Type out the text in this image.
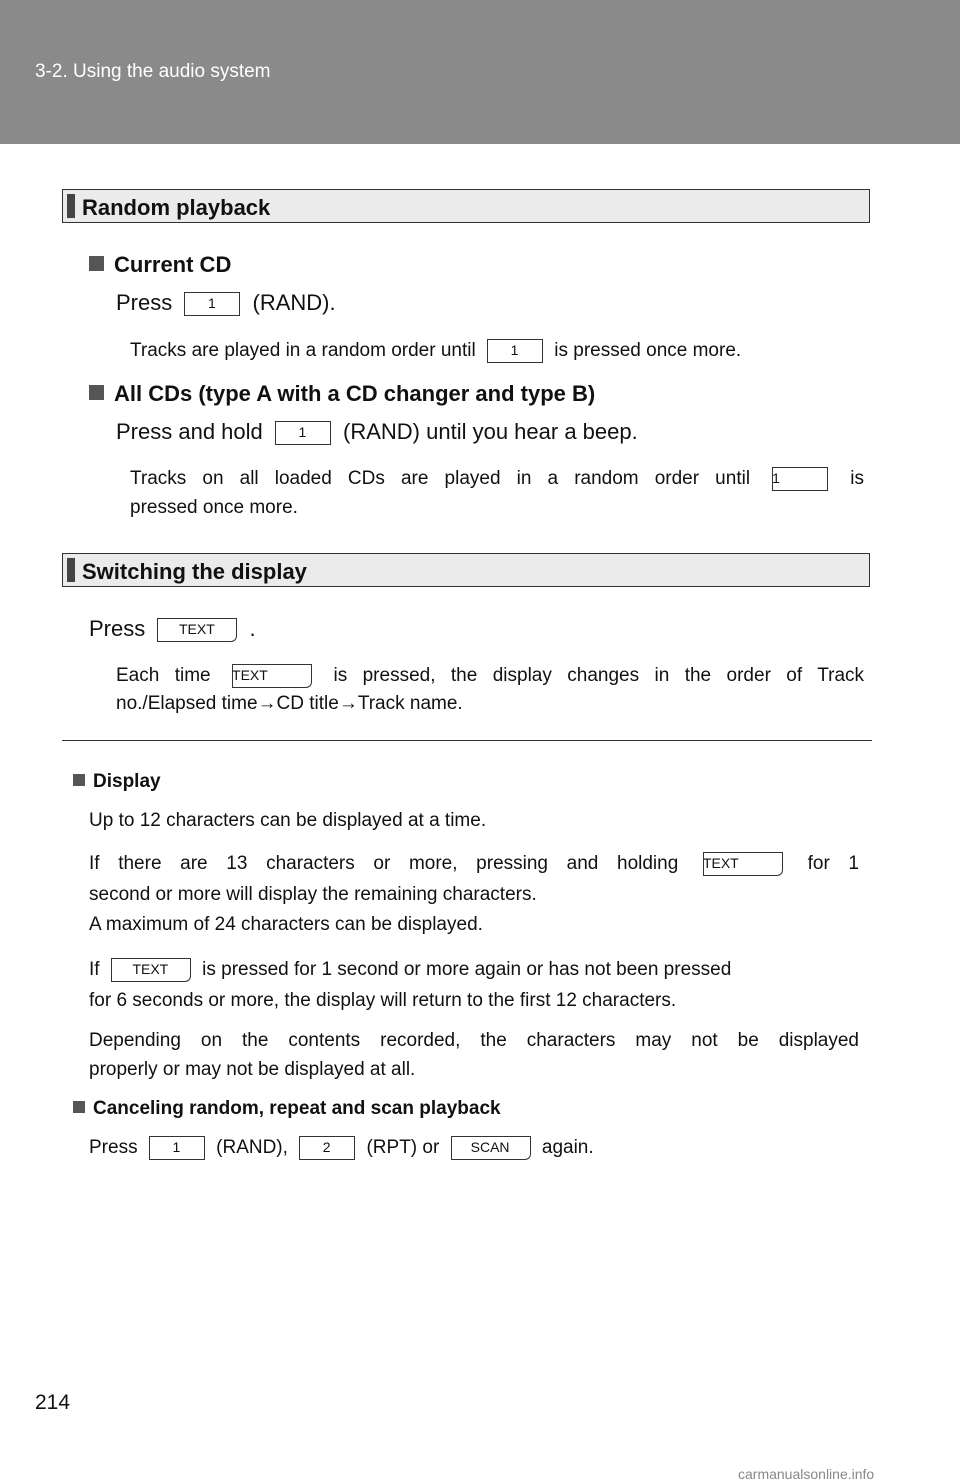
3-2. Using the audio system
Random playback
Current CD
Press	1 (RAND).
Tracks are played in a random order until 1 is pressed once more.
All CDs (type A with a CD changer and type B)
Press and hold	1 (RAND) until you hear a beep.
Tracks on all loaded CDs are played in a random order until 1	is
pressed once more.
Switching the display
Press TEXT .
Each time TEXT	is pressed, the display changes in the order of Track
no./Elapsed time→CD title→Track name.
Display
Up to 12 characters can be displayed at a time.
If there are 13 characters or more, pressing and holding TEXT	for 1
second or more will display the remaining characters.
A maximum of 24 characters can be displayed.
If TEXT is pressed for 1 second or more again or has not been pressed
for 6 seconds or more, the display will return to the first 12 characters.
Depending on the contents recorded, the characters may not be displayed
properly or may not be displayed at all.
Canceling random, repeat and scan playback
Press 1 (RAND), 2 (RPT) or SCAN again.
214
carmanualsonline.info
